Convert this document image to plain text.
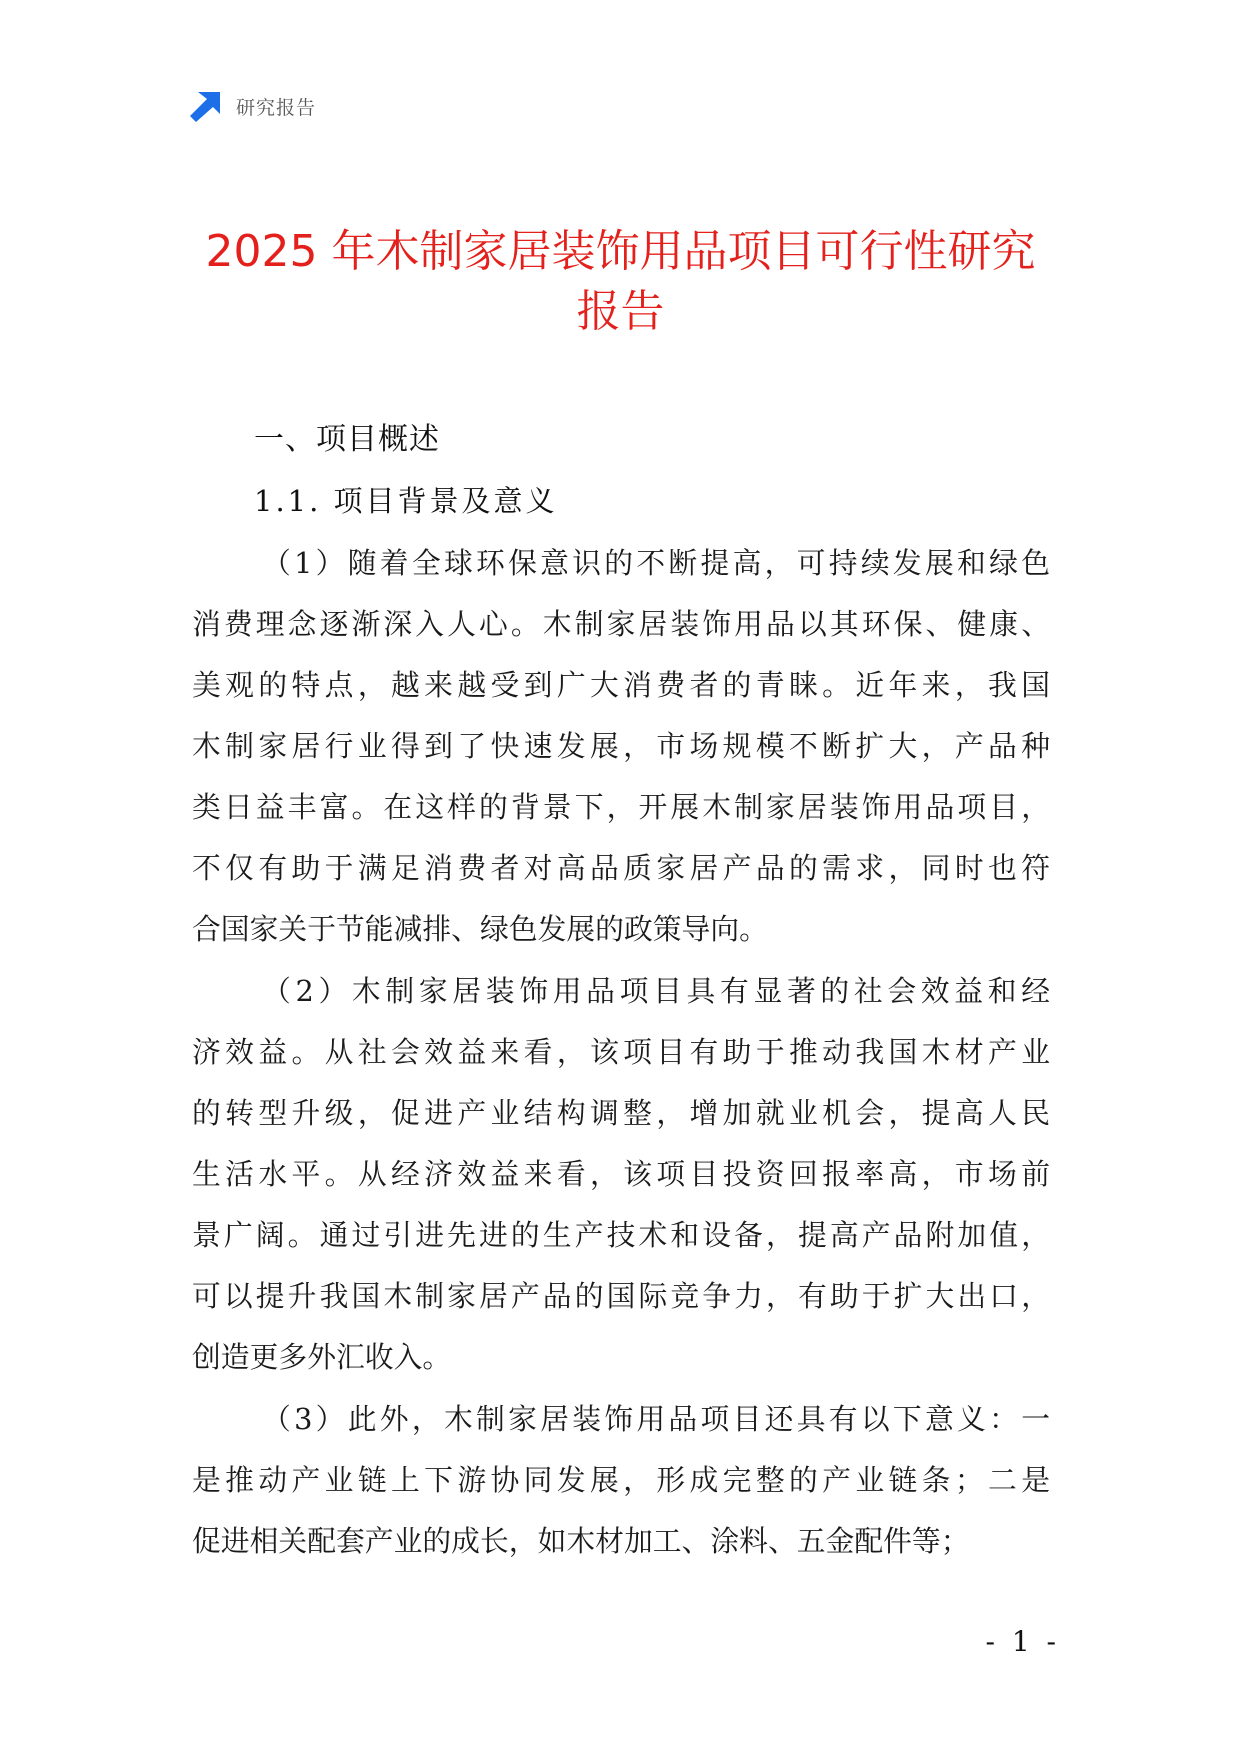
研究报告
2025 年木制家居装饰用品项目可行性研究
报告
一、项目概述
1.1. 项目背景及意义
（1）随着全球环保意识的不断提高，可持续发展和绿色
消费理念逐渐深入人心。木制家居装饰用品以其环保、健康、
美观的特点，越来越受到广大消费者的青睐。近年来，我国
木制家居行业得到了快速发展，市场规模不断扩大，产品种
类日益丰富。在这样的背景下，开展木制家居装饰用品项目，
不仅有助于满足消费者对高品质家居产品的需求，同时也符
合国家关于节能减排、绿色发展的政策导向。
（2）木制家居装饰用品项目具有显著的社会效益和经
济效益。从社会效益来看，该项目有助于推动我国木材产业
的转型升级，促进产业结构调整，增加就业机会，提高人民
生活水平。从经济效益来看，该项目投资回报率高，市场前
景广阔。通过引进先进的生产技术和设备，提高产品附加值，
可以提升我国木制家居产品的国际竞争力，有助于扩大出口，
创造更多外汇收入。
（3）此外，木制家居装饰用品项目还具有以下意义：一
是推动产业链上下游协同发展，形成完整的产业链条；二是
促进相关配套产业的成长，如木材加工、涂料、五金配件等；
- 1 -
